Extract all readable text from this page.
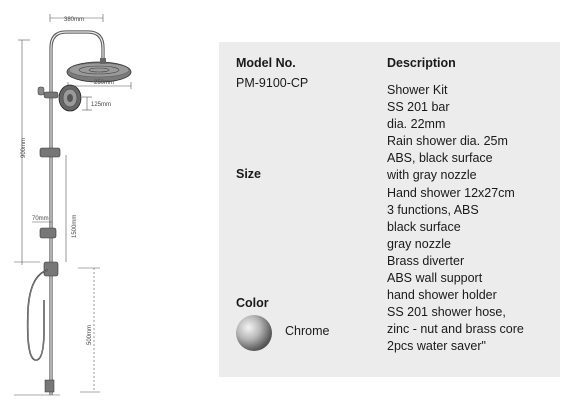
380mm
250mm
125mm
900mm
1500mm
70mm
500mm
Model No.
PM-9100-CP
Description
Size
Color
Chrome
Shower Kit
SS 201 bar
dia. 22mm
Rain shower dia. 25m
ABS, black surface
with gray nozzle
Hand shower 12x27cm
3 functions, ABS
black surface
gray nozzle
Brass diverter
ABS wall support
hand shower holder
SS 201 shower hose,
zinc - nut and brass core
2pcs water saver"
